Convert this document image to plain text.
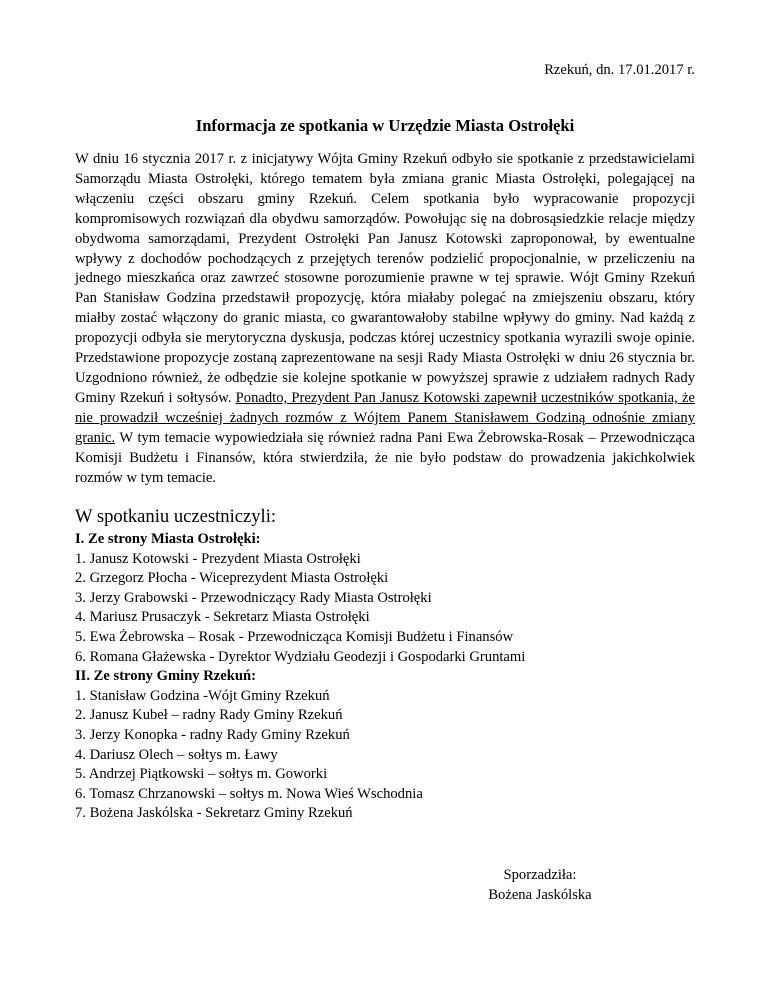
Rzekuń, dn. 17.01.2017 r.
Informacja ze spotkania w Urzędzie Miasta Ostrołęki
W dniu 16 stycznia 2017 r. z inicjatywy Wójta Gminy Rzekuń odbyło sie spotkanie z przedstawicielami Samorządu Miasta Ostrołęki, którego tematem była zmiana granic Miasta Ostrołęki, polegającej na włączeniu części obszaru gminy Rzekuń. Celem spotkania było wypracowanie propozycji kompromisowych rozwiązań dla obydwu samorządów. Powołując się na dobrosąsiedzkie relacje między obydwoma samorządami, Prezydent Ostrołęki Pan Janusz Kotowski zaproponował, by ewentualne wpływy z dochodów pochodzących z przejętych terenów podzielić propocjonalnie, w przeliczeniu na jednego mieszkańca oraz zawrzeć stosowne porozumienie prawne w tej sprawie. Wójt Gminy Rzekuń Pan Stanisław Godzina przedstawił propozycję, która miałaby polegać na zmiejszeniu obszaru, który miałby zostać włączony do granic miasta, co gwarantowałoby stabilne wpływy do gminy. Nad każdą z propozycji odbyła sie merytoryczna dyskusja, podczas której uczestnicy spotkania wyrazili swoje opinie. Przedstawione propozycje zostaną zaprezentowane na sesji Rady Miasta Ostrołęki w dniu 26 stycznia br. Uzgodniono również, że odbędzie sie kolejne spotkanie w powyższej sprawie z udziałem radnych Rady Gminy Rzekuń i sołtysów. Ponadto, Prezydent Pan Janusz Kotowski zapewnił uczestników spotkania, że nie prowadził wcześniej żadnych rozmów z Wójtem Panem Stanisławem Godziną odnośnie zmiany granic. W tym temacie wypowiedziała się również radna Pani Ewa Żebrowska-Rosak – Przewodnicząca Komisji Budżetu i Finansów, która stwierdziła, że nie było podstaw do prowadzenia jakichkolwiek rozmów w tym temacie.
W spotkaniu uczestniczyli:
I. Ze strony Miasta Ostrołęki:
1. Janusz Kotowski - Prezydent Miasta Ostrołęki
2. Grzegorz Płocha - Wiceprezydent Miasta Ostrołęki
3. Jerzy Grabowski - Przewodniczący Rady Miasta Ostrołęki
4. Mariusz Prusaczyk - Sekretarz Miasta Ostrołęki
5. Ewa Żebrowska – Rosak - Przewodnicząca Komisji Budżetu i Finansów
6. Romana Głażewska - Dyrektor Wydziału Geodezji i Gospodarki Gruntami
II. Ze strony Gminy Rzekuń:
1. Stanisław Godzina -Wójt Gminy Rzekuń
2. Janusz Kubeł – radny Rady Gminy Rzekuń
3. Jerzy Konopka - radny Rady Gminy Rzekuń
4. Dariusz Olech – sołtys m. Ławy
5. Andrzej Piątkowski – sołtys m. Goworki
6. Tomasz Chrzanowski – sołtys m. Nowa Wieś Wschodnia
7. Bożena Jaskólska - Sekretarz Gminy Rzekuń
Sporzadziła:
Bożena Jaskólska
